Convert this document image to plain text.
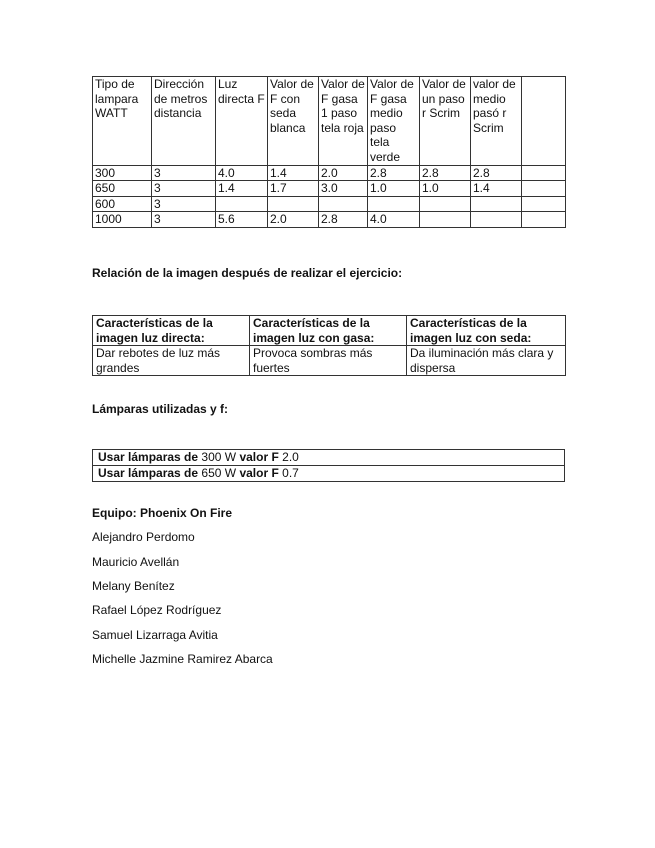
Tipo de lampara WATT	Dirección de metros distancia	Luz directa F	Valor de F con seda blanca	Valor de F gasa 1 paso tela roja	Valor de F gasa medio paso tela verde	Valor de un paso r Scrim	valor de medio pasó r Scrim	
300	3	4.0	1.4	2.0	2.8	2.8	2.8	
650	3	1.4	1.7	3.0	1.0	1.0	1.4	
600	3							
1000	3	5.6	2.0	2.8	4.0			

Relación de la imagen después de realizar el ejercicio:

Características de la imagen luz directa:	Características de la imagen luz con gasa:	Características de la imagen luz con seda:
Dar rebotes de luz más grandes	Provoca sombras más fuertes	Da iluminación más clara y dispersa

Lámparas utilizadas y f:

Usar lámparas de 300 W valor F 2.0
Usar lámparas de 650 W valor F 0.7

Equipo: Phoenix On Fire

Alejandro Perdomo

Mauricio Avellán

Melany Benítez

Rafael López Rodríguez

Samuel Lizarraga Avitia

Michelle Jazmine Ramirez Abarca
